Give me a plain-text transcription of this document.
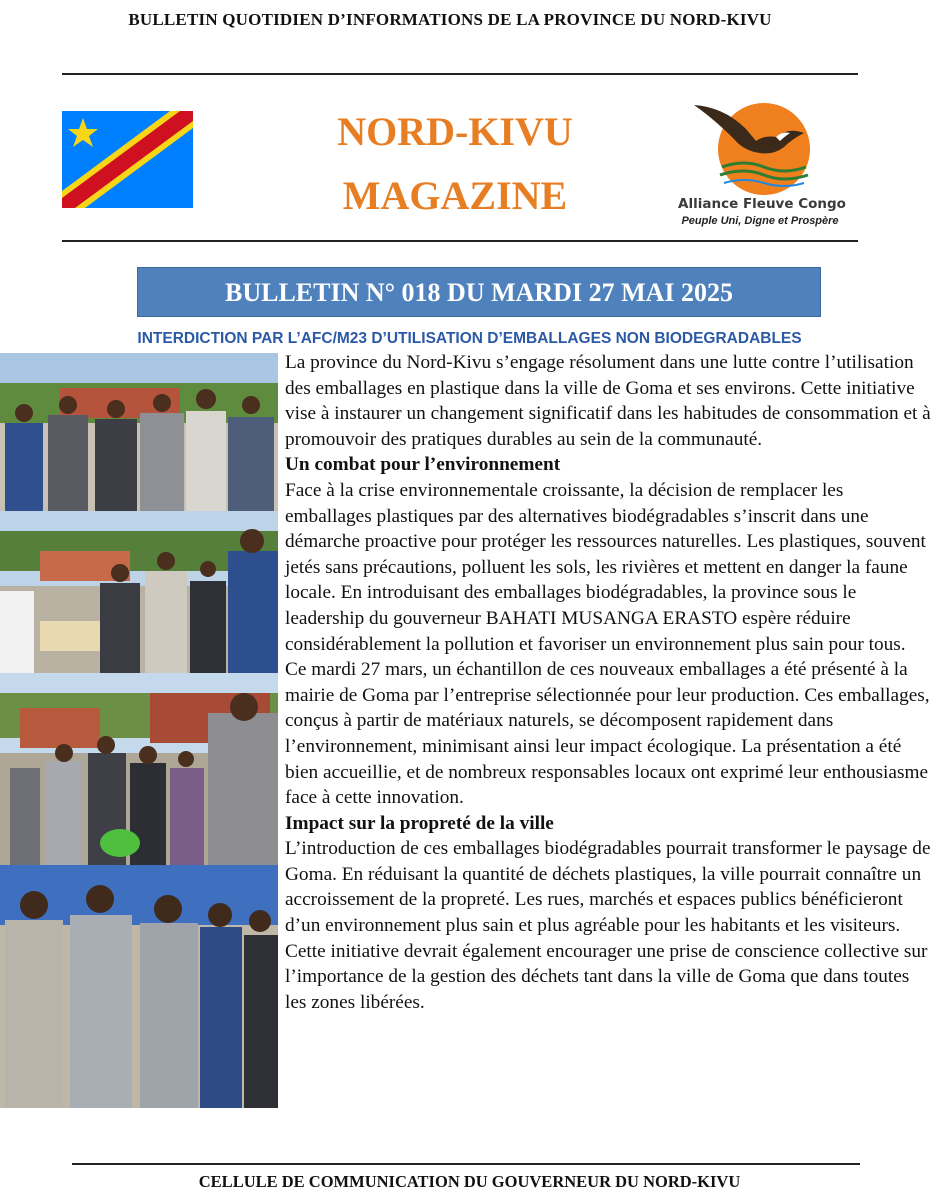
BULLETIN QUOTIDIEN D’INFORMATIONS DE LA PROVINCE DU NORD-KIVU
NORD-KIVU
MAGAZINE	Alliance Fleuve Congo
Peuple Uni, Digne et Prospère
BULLETIN N° 018 DU MARDI 27 MAI 2025
INTERDICTION PAR L’AFC/M23 D’UTILISATION D’EMBALLAGES NON BIODEGRADABLES

La province du Nord-Kivu s’engage résolument dans une lutte contre l’utilisation des emballages en plastique dans la ville de Goma et ses environs. Cette initiative vise à instaurer un changement significatif dans les habitudes de consommation et à promouvoir des pratiques durables au sein de la communauté.

Un combat pour l’environnement

Face à la crise environnementale croissante, la décision de remplacer les emballages plastiques par des alternatives biodégradables s’inscrit dans une démarche proactive pour protéger les ressources naturelles. Les plastiques, souvent jetés sans précautions, polluent les sols, les rivières et mettent en danger la faune locale. En introduisant des emballages biodégradables, la province sous le leadership du gouverneur BAHATI MUSANGA ERASTO espère réduire considérablement la pollution et favoriser un environnement plus sain pour tous.

Ce mardi 27 mars, un échantillon de ces nouveaux emballages a été présenté à la mairie de Goma par l’entreprise sélectionnée pour leur production. Ces emballages, conçus à partir de matériaux naturels, se décomposent rapidement dans l’environnement, minimisant ainsi leur impact écologique. La présentation a été bien accueillie, et de nombreux responsables locaux ont exprimé leur enthousiasme face à cette innovation.

Impact sur la propreté de la ville

L’introduction de ces emballages biodégradables pourrait transformer le paysage de Goma. En réduisant la quantité de déchets plastiques, la ville pourrait connaître un accroissement de la propreté. Les rues, marchés et espaces publics bénéficieront d’un environnement plus sain et plus agréable pour les habitants et les visiteurs. Cette initiative devrait également encourager une prise de conscience collective sur l’importance de la gestion des déchets tant dans la ville de Goma que dans toutes les zones libérées.

CELLULE DE COMMUNICATION DU GOUVERNEUR DU NORD-KIVU
